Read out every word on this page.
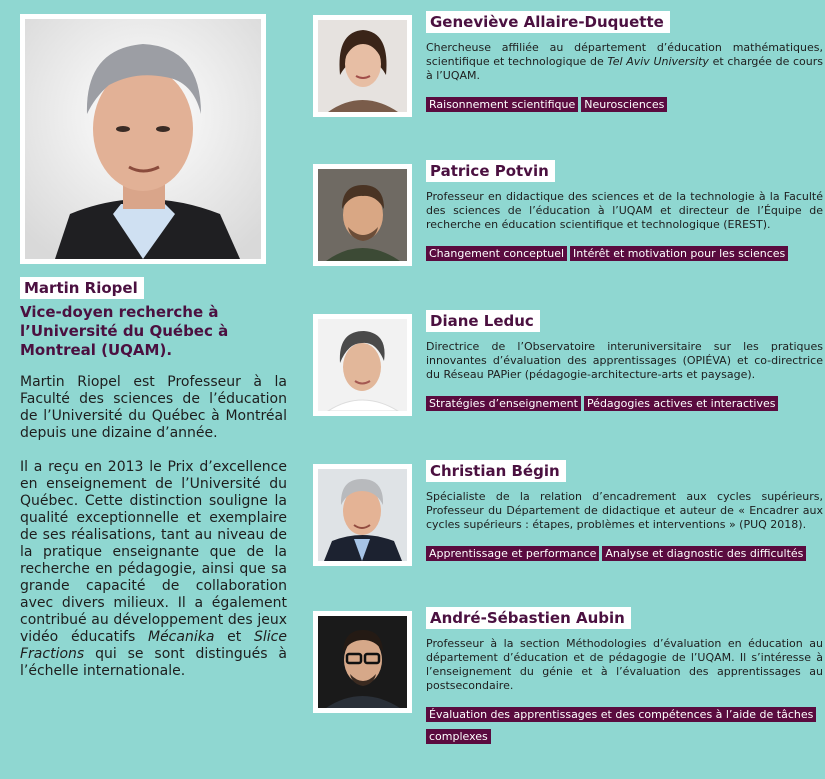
Martin Riopel
Vice-doyen recherche à l’Université du Québec à Montreal (UQAM).

Martin Riopel est Professeur à la Faculté des sciences de l’éducation de l’Université du Québec à Montréal depuis une dizaine d’année.

Il a reçu en 2013 le Prix d’excellence en enseignement de l’Université du Québec. Cette distinction souligne la qualité exceptionnelle et exemplaire de ses réalisations, tant au niveau de la pratique enseignante que de la recherche en pédagogie, ainsi que sa grande capacité de collaboration avec divers milieux. Il a également contribué au développement des jeux vidéo éducatifs Mécanika et Slice Fractions qui se sont distingués à l’échelle internationale.

Geneviève Allaire-Duquette
Chercheuse affiliée au département d’éducation mathématiques, scientifique et technologique de Tel Aviv University et chargée de cours à l’UQAM.
Raisonnement scientifique Neurosciences
Patrice Potvin
Professeur en didactique des sciences et de la technologie à la Faculté des sciences de l’éducation à l’UQAM et directeur de l’Équipe de recherche en éducation scientifique et technologique (EREST).
Changement conceptuel Intérêt et motivation pour les sciences
Diane Leduc
Directrice de l’Observatoire interuniversitaire sur les pratiques innovantes d’évaluation des apprentissages (OPIÉVA) et co-directrice du Réseau PAPier (pédagogie-architecture-arts et paysage).
Stratégies d’enseignement Pédagogies actives et interactives
Christian Bégin
Spécialiste de la relation d’encadrement aux cycles supérieurs, Professeur du Département de didactique et auteur de « Encadrer aux cycles supérieurs : étapes, problèmes et interventions » (PUQ 2018).
Apprentissage et performance Analyse et diagnostic des difficultés
André-Sébastien Aubin
Professeur à la section Méthodologies d’évaluation en éducation au département d’éducation et de pédagogie de l’UQAM. Il s’intéresse à l’enseignement du génie et à l’évaluation des apprentissages au postsecondaire.
Évaluation des apprentissages et des compétences à l’aide de tâches
complexes
